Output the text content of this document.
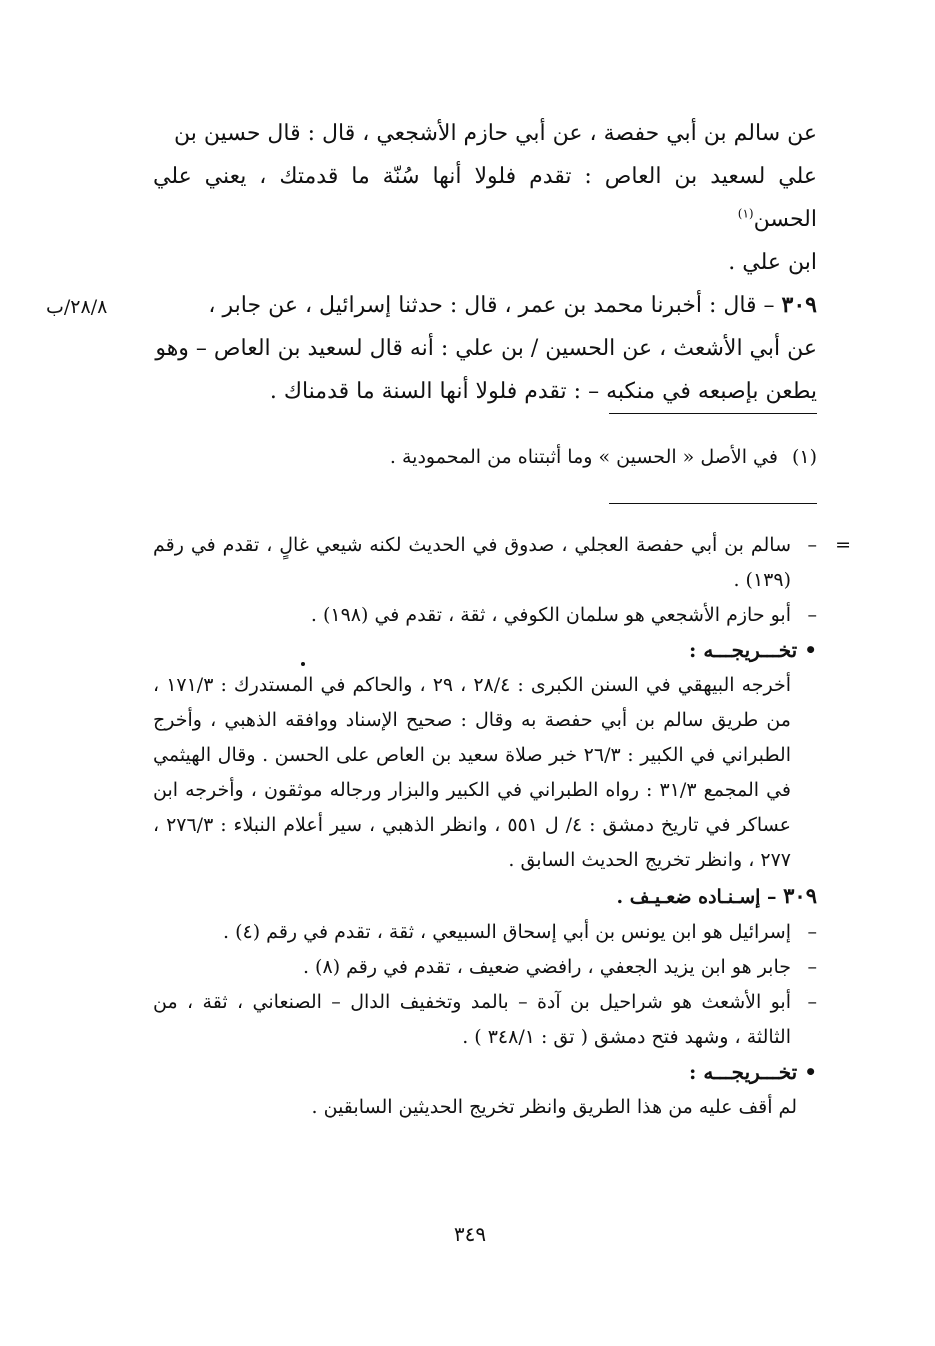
عن سالم بن أبي حفصة ، عن أبي حازم الأشجعي ، قال : قال حسين بن

علي لسعيد بن العاص : تقدم فلولا أنها سُنّة ما قدمتك ، يعني علي الحسن$^{(١)}$

ابن علي .

٣٠٩ – قال : أخبرنا محمد بن عمر ، قال : حدثنا إسرائيل ، عن جابر ،

عن أبي الأشعث ، عن الحسين / بن علي : أنه قال لسعيد بن العاص – وهو

يطعن بإصبعه في منكبه – : تقدم فلولا أنها السنة ما قدمناك .

٢٨/٨/ب
(١)في الأصل « الحسين » وما أثبتناه من المحمودية .
=
–
سالم بن أبي حفصة العجلي ، صدوق في الحديث لكنه شيعي غالٍ ، تقدم في رقم (١٣٩) .
–
أبو حازم الأشجعي هو سلمان الكوفي ، ثقة ، تقدم في (١٩٨) .
• تخـــريجـــه :
أخرجه البيهقي في السنن الكبرى : ٢٨/٤ ، ٢٩ ، والحاكم في المستدرك : ١٧١/٣ ، من طريق سالم بن أبي حفصة به وقال : صحيح الإسناد ووافقه الذهبي ، وأخرج الطبراني في الكبير : ٢٦/٣ خبر صلاة سعيد بن العاص على الحسن . وقال الهيثمي في المجمع ٣١/٣ : رواه الطبراني في الكبير والبزار ورجاله موثقون ، وأخرجه ابن عساكر في تاريخ دمشق : ٤/ ل ٥٥١ ، وانظر الذهبي ، سير أعلام النبلاء : ٢٧٦/٣ ، ٢٧٧ ، وانظر تخريج الحديث السابق .
٣٠٩ – إسـنـاده ضعـيـف .
–
إسرائيل هو ابن يونس بن أبي إسحاق السبيعي ، ثقة ، تقدم في رقم (٤) .
–
جابر هو ابن يزيد الجعفي ، رافضي ضعيف ، تقدم في رقم (٨) .
–
أبو الأشعث هو شراحيل بن آدة – بالمد وتخفيف الدال – الصنعاني ، ثقة ، من الثالثة ، وشهد فتح دمشق ( تق : ٣٤٨/١ ) .
• تخـــريجـــه :
لم أقف عليه من هذا الطريق وانظر تخريج الحديثين السابقين .
٣٤٩
